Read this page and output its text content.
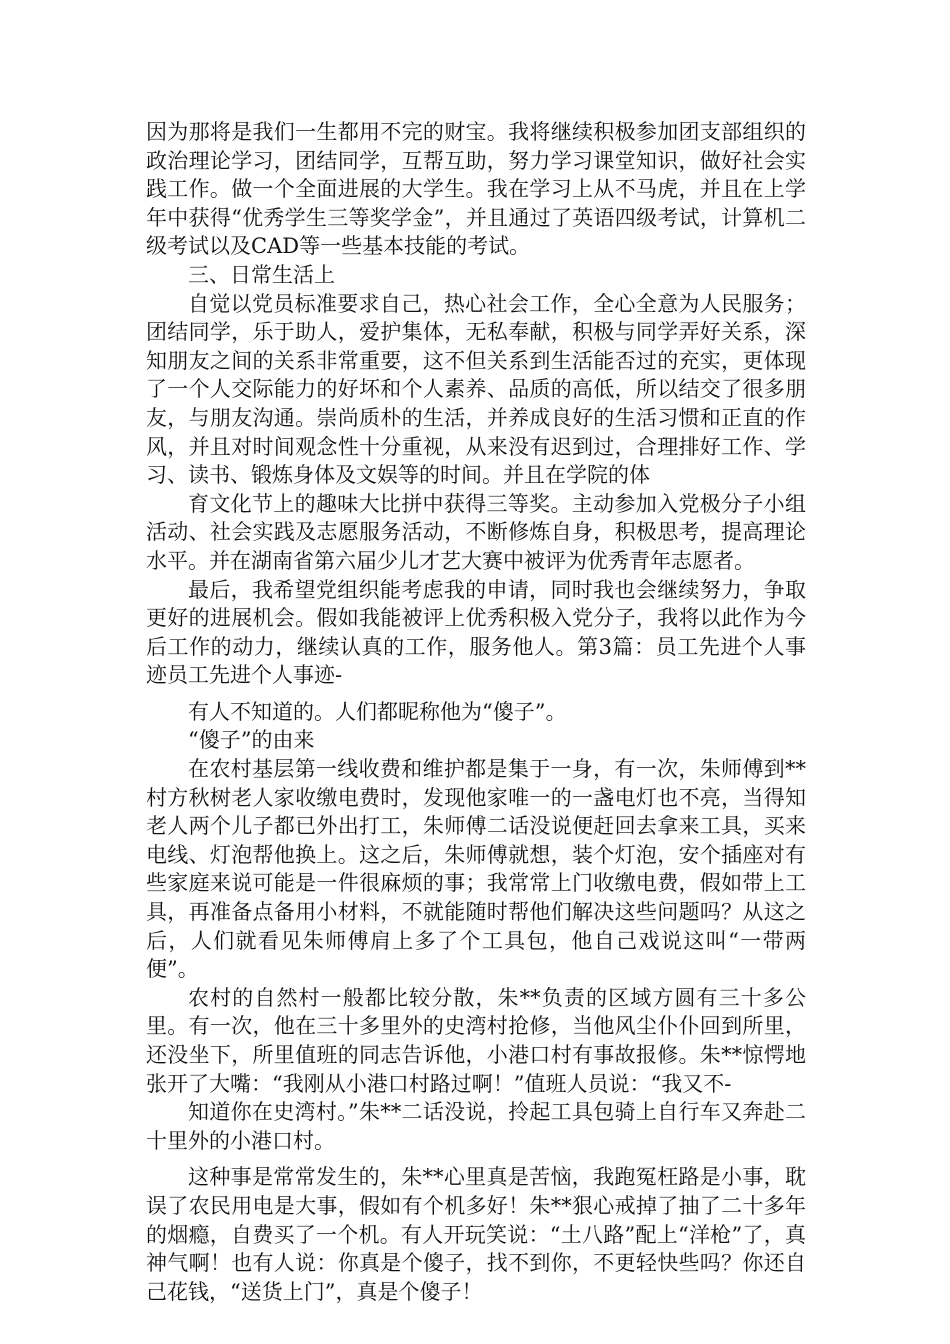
因为那将是我们一生都用不完的财宝。我将继续积极参加团支部组织的政治理论学习，团结同学，互帮互助，努力学习课堂知识，做好社会实践工作。做一个全面进展的大学生。我在学习上从不马虎，并且在上学年中获得“优秀学生三等奖学金”，并且通过了英语四级考试，计算机二级考试以及CAD等一些基本技能的考试。

三、日常生活上

自觉以党员标准要求自己，热心社会工作，全心全意为人民服务；团结同学，乐于助人，爱护集体，无私奉献，积极与同学弄好关系，深知朋友之间的关系非常重要，这不但关系到生活能否过的充实，更体现了一个人交际能力的好坏和个人素养、品质的高低，所以结交了很多朋友，与朋友沟通。崇尚质朴的生活，并养成良好的生活习惯和正直的作风，并且对时间观念性十分重视，从来没有迟到过，合理排好工作、学习、读书、锻炼身体及文娱等的时间。并且在学院的体

育文化节上的趣味大比拼中获得三等奖。主动参加入党极分子小组活动、社会实践及志愿服务活动，不断修炼自身，积极思考，提高理论水平。并在湖南省第六届少儿才艺大赛中被评为优秀青年志愿者。

最后，我希望党组织能考虑我的申请，同时我也会继续努力，争取更好的进展机会。假如我能被评上优秀积极入党分子，我将以此作为今后工作的动力，继续认真的工作，服务他人。第3篇：员工先进个人事迹员工先进个人事迹-

有人不知道的。人们都昵称他为“傻子”。

“傻子”的由来

在农村基层第一线收费和维护都是集于一身，有一次，朱师傅到**村方秋树老人家收缴电费时，发现他家唯一的一盏电灯也不亮，当得知老人两个儿子都已外出打工，朱师傅二话没说便赶回去拿来工具，买来电线、灯泡帮他换上。这之后，朱师傅就想，装个灯泡，安个插座对有些家庭来说可能是一件很麻烦的事；我常常上门收缴电费，假如带上工具，再准备点备用小材料，不就能随时帮他们解决这些问题吗？从这之后，人们就看见朱师傅肩上多了个工具包，他自己戏说这叫“一带两便”。

农村的自然村一般都比较分散，朱**负责的区域方圆有三十多公里。有一次，他在三十多里外的史湾村抢修，当他风尘仆仆回到所里，还没坐下，所里值班的同志告诉他，小港口村有事故报修。朱**惊愕地张开了大嘴：“我刚从小港口村路过啊！”值班人员说：“我又不-

知道你在史湾村。”朱**二话没说，拎起工具包骑上自行车又奔赴二十里外的小港口村。

这种事是常常发生的，朱**心里真是苦恼，我跑冤枉路是小事，耽误了农民用电是大事，假如有个机多好！朱**狠心戒掉了抽了二十多年的烟瘾，自费买了一个机。有人开玩笑说：“土八路”配上“洋枪”了，真神气啊！也有人说：你真是个傻子，找不到你，不更轻快些吗？你还自己花钱，“送货上门”，真是个傻子！
